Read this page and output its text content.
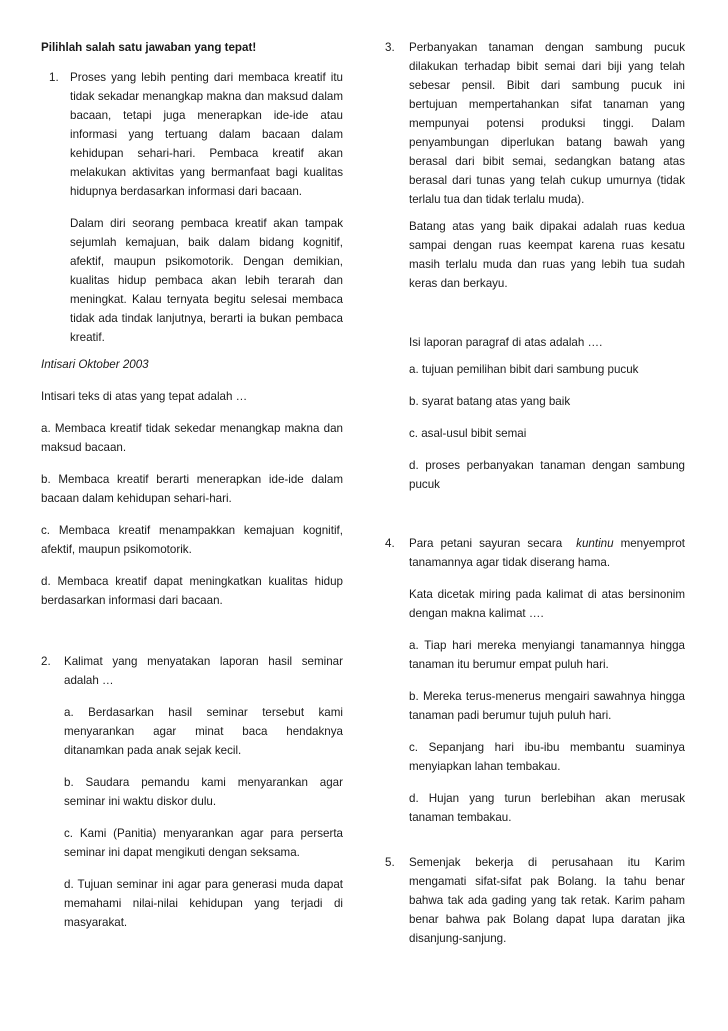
Pilihlah salah satu jawaban yang tepat!

1. Proses yang lebih penting dari membaca kreatif itu tidak sekadar menangkap makna dan maksud dalam bacaan, tetapi juga menerapkan ide-ide atau informasi yang tertuang dalam bacaan dalam kehidupan sehari-hari. Pembaca kreatif akan melakukan aktivitas yang bermanfaat bagi kualitas hidupnya berdasarkan informasi dari bacaan.

Dalam diri seorang pembaca kreatif akan tampak sejumlah kemajuan, baik dalam bidang kognitif, afektif, maupun psikomotorik. Dengan demikian, kualitas hidup pembaca akan lebih terarah dan meningkat. Kalau ternyata begitu selesai membaca tidak ada tindak lanjutnya, berarti ia bukan pembaca kreatif.

Intisari Oktober 2003

Intisari teks di atas yang tepat adalah …

a. Membaca kreatif tidak sekedar menangkap makna dan maksud bacaan.

b. Membaca kreatif berarti menerapkan ide-ide dalam bacaan dalam kehidupan sehari-hari.

c. Membaca kreatif menampakkan kemajuan kognitif, afektif, maupun psikomotorik.

d. Membaca kreatif dapat meningkatkan kualitas hidup berdasarkan informasi dari bacaan.

2.	Kalimat yang menyatakan laporan hasil seminar adalah …

a. Berdasarkan hasil seminar tersebut kami menyarankan agar minat baca hendaknya ditanamkan pada anak sejak kecil.

b. Saudara pemandu kami menyarankan agar seminar ini waktu diskor dulu.

c. Kami (Panitia) menyarankan agar para perserta seminar ini dapat mengikuti dengan seksama.

d. Tujuan seminar ini agar para generasi muda dapat memahami nilai-nilai kehidupan yang terjadi di masyarakat.

3.	Perbanyakan tanaman dengan sambung pucuk dilakukan terhadap bibit semai dari biji yang telah sebesar pensil. Bibit dari sambung pucuk ini bertujuan mempertahankan sifat tanaman yang mempunyai potensi produksi tinggi. Dalam penyambungan diperlukan batang bawah yang berasal dari bibit semai, sedangkan batang atas berasal dari tunas yang telah cukup umurnya (tidak terlalu tua dan tidak terlalu muda).

Batang atas yang baik dipakai adalah ruas kedua sampai dengan ruas keempat karena ruas kesatu masih terlalu muda dan ruas yang lebih tua sudah keras dan berkayu.

Isi laporan paragraf di atas adalah ….

a. tujuan pemilihan bibit dari sambung pucuk

b. syarat batang atas yang baik

c. asal-usul bibit semai

d. proses perbanyakan tanaman dengan sambung pucuk

4.	Para petani sayuran secara  kuntinu menyemprot tanamannya agar tidak diserang hama.

Kata dicetak miring pada kalimat di atas bersinonim dengan makna kalimat ….

a. Tiap hari mereka menyiangi tanamannya hingga tanaman itu berumur empat puluh hari.

b. Mereka terus-menerus mengairi sawahnya hingga tanaman padi berumur tujuh puluh hari.

c. Sepanjang hari ibu-ibu membantu suaminya menyiapkan lahan tembakau.

d. Hujan yang turun berlebihan akan merusak tanaman tembakau.

5.	Semenjak bekerja di perusahaan itu Karim mengamati sifat-sifat pak Bolang. Ia tahu benar bahwa tak ada gading yang tak retak. Karim paham benar bahwa pak Bolang dapat lupa daratan jika disanjung-sanjung.
